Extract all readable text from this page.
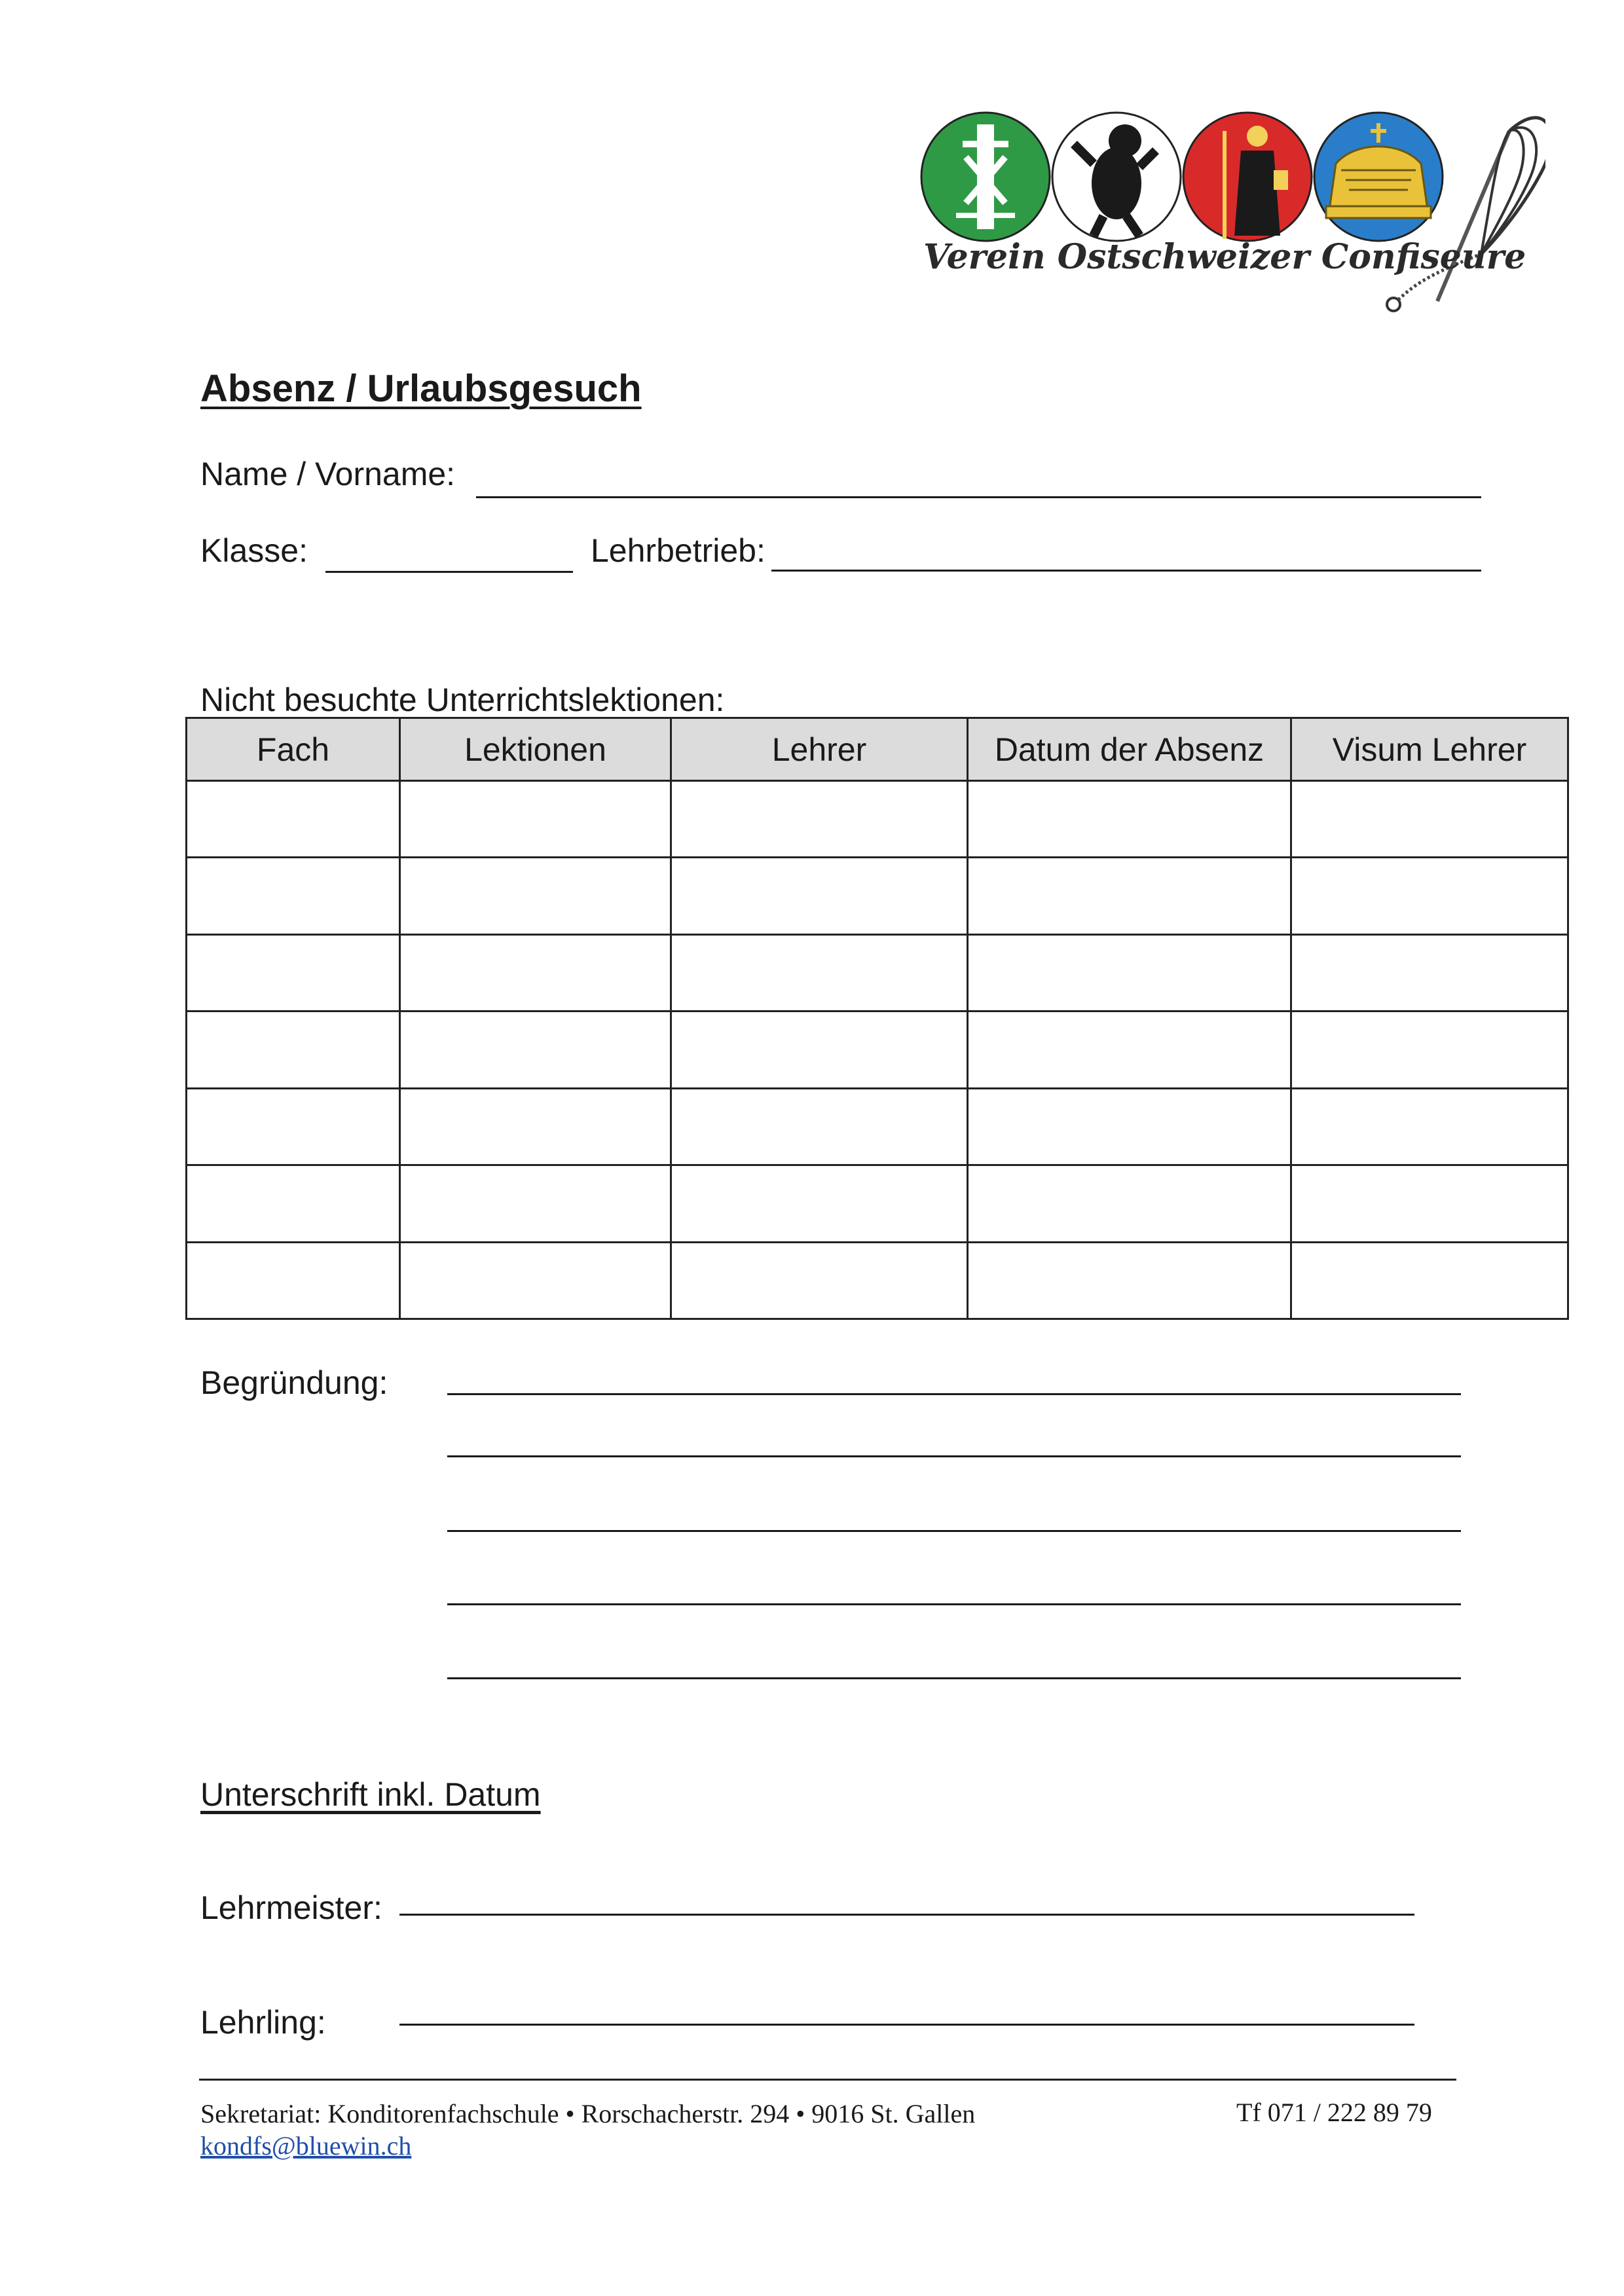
Verein Ostschweizer Confiseure
Absenz / Urlaubsgesuch
Name / Vorname:
Klasse:	Lehrbetrieb:
Nicht besuchte Unterrichtslektionen:
Fach	Lektionen	Lehrer	Datum der Absenz	Visum Lehrer

Begründung:
Unterschrift inkl. Datum
Lehrmeister:
Lehrling:
Sekretariat: Konditorenfachschule • Rorschacherstr. 294 • 9016 St. Gallen	Tf 071 / 222 89 79
kondfs@bluewin.ch
